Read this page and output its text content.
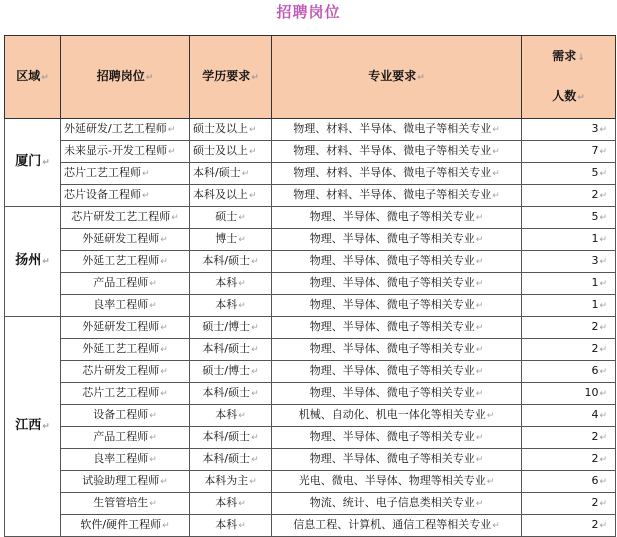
招聘岗位
区域↵	招聘岗位↵	学历要求↵	专业要求↵	需求↓
人数↵
厦门↵	外延研发/工艺工程师↵	硕士及以上↵	物理、材料、半导体、微电子等相关专业↵	3↵
	未来显示-开发工程师↵	硕士及以上↵	物理、材料、半导体、微电子等相关专业↵	7↵
	芯片工艺工程师↵	本科/硕士↵	物理、材料、半导体、微电子等相关专业↵	5↵
	芯片设备工程师↵	本科及以上↵	物理、材料、半导体、微电子等相关专业↵	2↵
扬州↵	芯片研发工艺工程师↵	硕士↵	物理、半导体、微电子等相关专业↵	5↵
	外延研发工程师↵	博士↵	物理、半导体、微电子等相关专业↵	1↵
	外延工艺工程师↵	本科/硕士↵	物理、半导体、微电子等相关专业↵	3↵
	产品工程师↵	本科↵	物理、半导体、微电子等相关专业↵	1↵
	良率工程师↵	本科↵	物理、半导体、微电子等相关专业↵	1↵
江西↵	外延研发工程师↵	硕士/博士↵	物理、半导体、微电子等相关专业↵	2↵
	外延工艺工程师↵	本科/硕士↵	物理、半导体、微电子等相关专业↵	2↵
	芯片研发工程师↵	硕士/博士↵	物理、半导体、微电子等相关专业↵	6↵
	芯片工艺工程师↵	本科/硕士↵	物理、半导体、微电子等相关专业↵	10↵
	设备工程师↵	本科↵	机械、自动化、机电一体化等相关专业↵	4↵
	产品工程师↵	本科/硕士↵	物理、半导体、微电子等相关专业↵	2↵
	良率工程师↵	本科/硕士↵	物理、半导体、微电子等相关专业↵	2↵
	试验助理工程师↵	本科为主↵	光电、微电、半导体、物理等相关专业↵	6↵
	生管管培生↵	本科↵	物流、统计、电子信息类相关专业↵	2↵
	软件/硬件工程师↵	本科↵	信息工程、计算机、通信工程等相关专业↵	2↵
